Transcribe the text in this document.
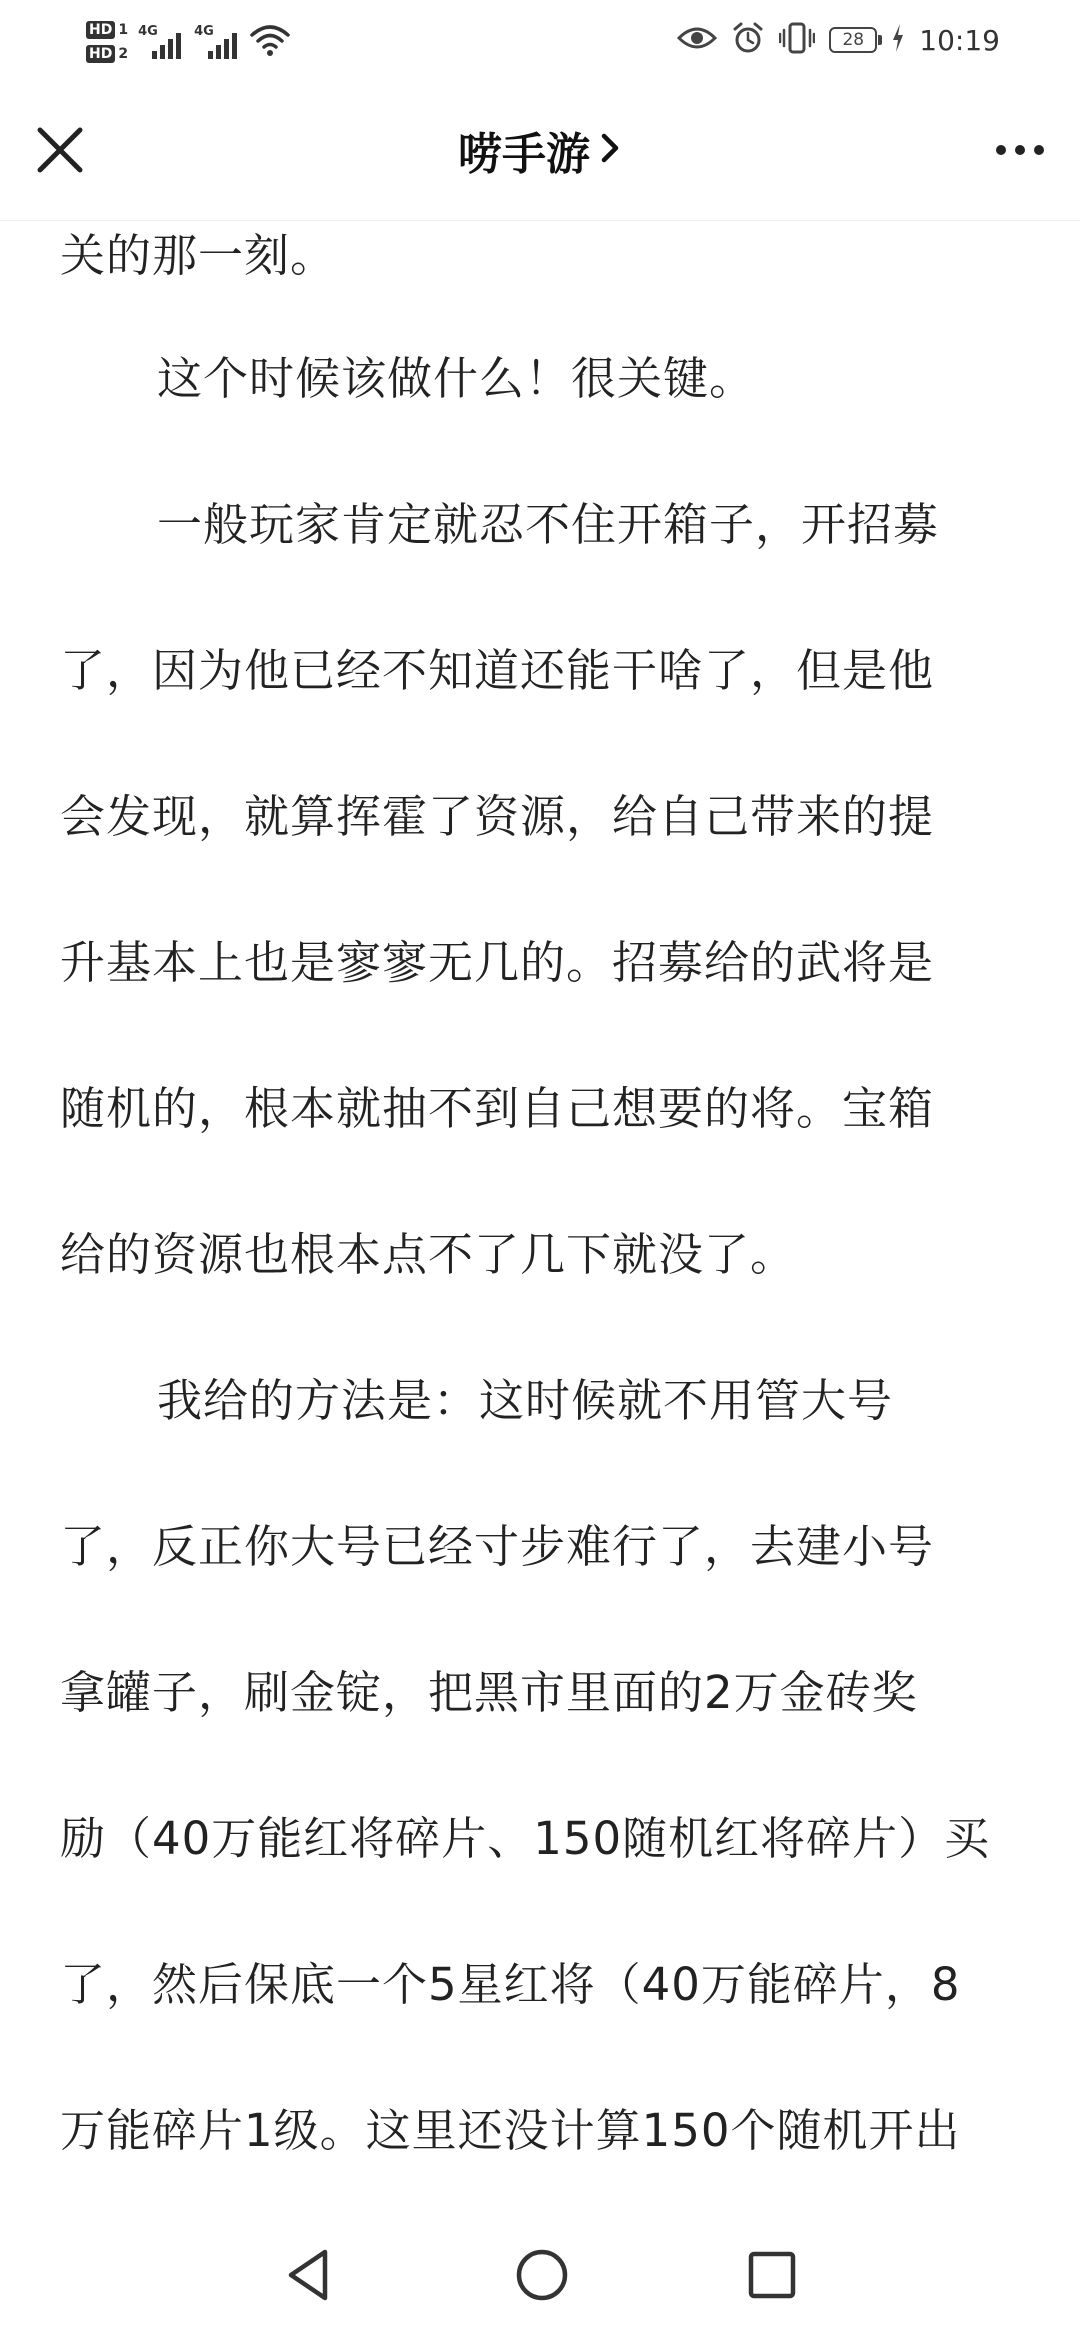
HD 1
HD 2
4G	4G	28 10:19
唠手游
关的那一刻。
这个时候该做什么！很关键。
一般玩家肯定就忍不住开箱子，开招募
了，因为他已经不知道还能干啥了，但是他
会发现，就算挥霍了资源，给自己带来的提
升基本上也是寥寥无几的。招募给的武将是
随机的，根本就抽不到自己想要的将。宝箱
给的资源也根本点不了几下就没了。
我给的方法是：这时候就不用管大号
了，反正你大号已经寸步难行了，去建小号
拿罐子，刷金锭，把黑市里面的2万金砖奖
励（40万能红将碎片、150随机红将碎片）买
了，然后保底一个5星红将（40万能碎片，8
万能碎片1级。这里还没计算150个随机开出
